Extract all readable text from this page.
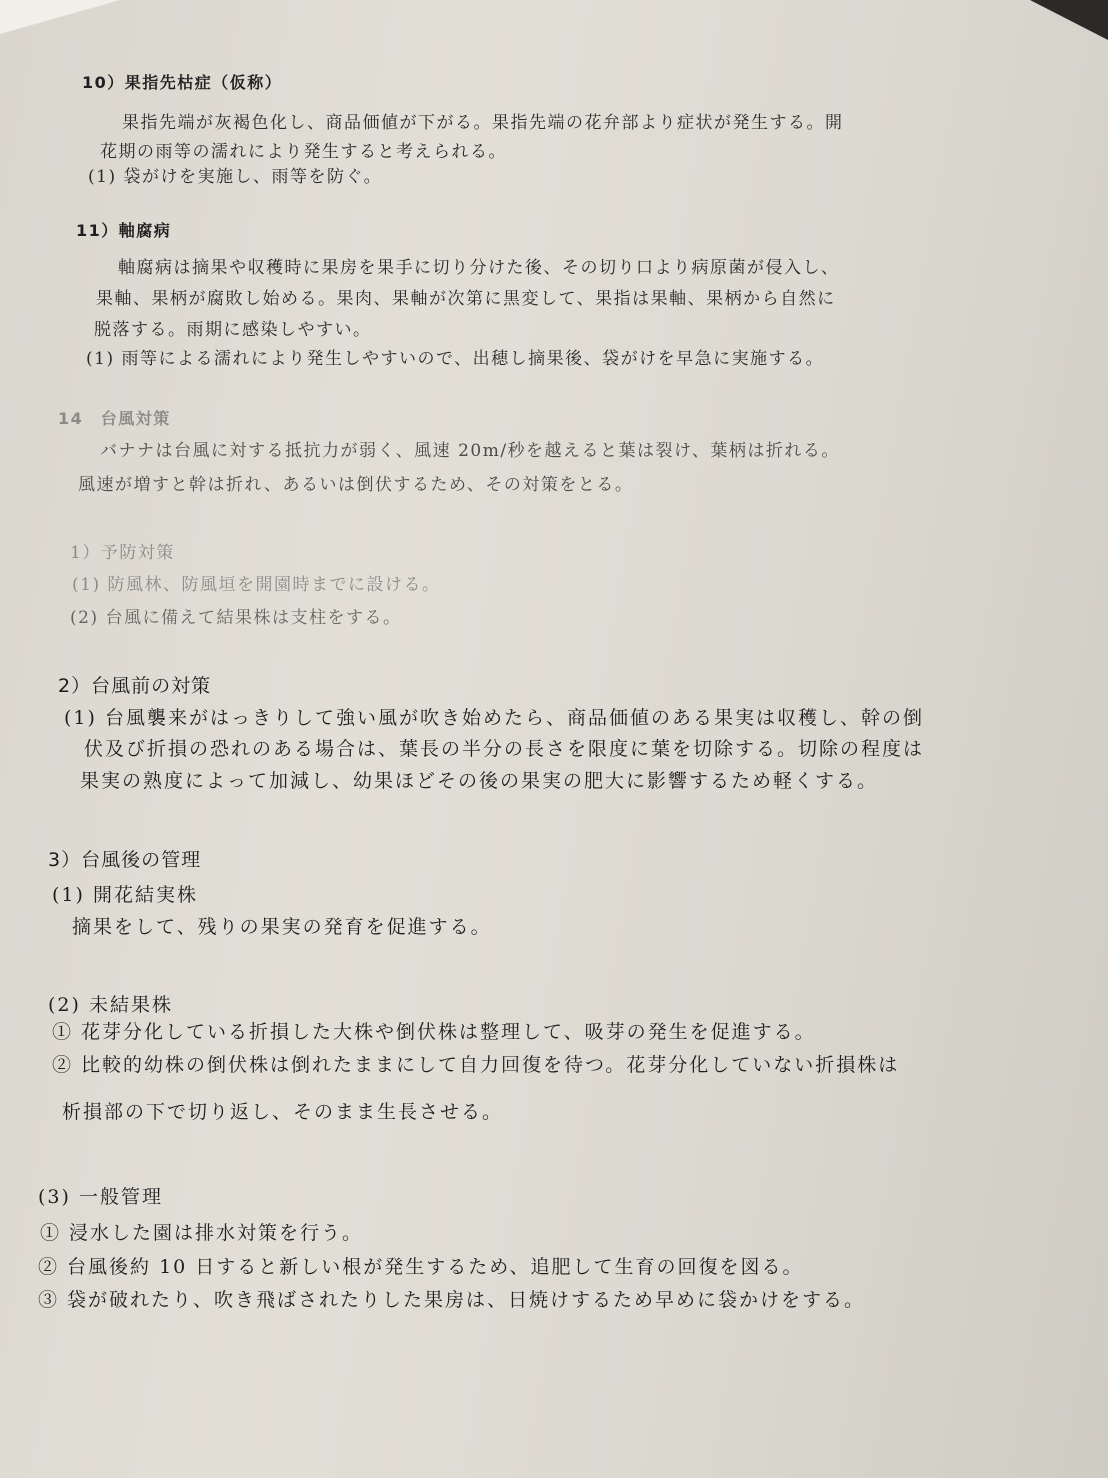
10）果指先枯症（仮称）
果指先端が灰褐色化し、商品価値が下がる。果指先端の花弁部より症状が発生する。開
花期の雨等の濡れにより発生すると考えられる。
(1) 袋がけを実施し、雨等を防ぐ。
11）軸腐病
軸腐病は摘果や収穫時に果房を果手に切り分けた後、その切り口より病原菌が侵入し、
果軸、果柄が腐敗し始める。果肉、果軸が次第に黒変して、果指は果軸、果柄から自然に
脱落する。雨期に感染しやすい。
(1) 雨等による濡れにより発生しやすいので、出穂し摘果後、袋がけを早急に実施する。
14　台風対策
バナナは台風に対する抵抗力が弱く、風速 20m/秒を越えると葉は裂け、葉柄は折れる。
風速が増すと幹は折れ、あるいは倒伏するため、その対策をとる。
1）予防対策
(1) 防風林、防風垣を開園時までに設ける。
(2) 台風に備えて結果株は支柱をする。
2）台風前の対策
(1) 台風襲来がはっきりして強い風が吹き始めたら、商品価値のある果実は収穫し、幹の倒
伏及び折損の恐れのある場合は、葉長の半分の長さを限度に葉を切除する。切除の程度は
果実の熟度によって加減し、幼果ほどその後の果実の肥大に影響するため軽くする。
3）台風後の管理
(1) 開花結実株
摘果をして、残りの果実の発育を促進する。
(2) 未結果株
① 花芽分化している折損した大株や倒伏株は整理して、吸芽の発生を促進する。
② 比較的幼株の倒伏株は倒れたままにして自力回復を待つ。花芽分化していない折損株は
析損部の下で切り返し、そのまま生長させる。
(3) 一般管理
① 浸水した園は排水対策を行う。
② 台風後約 10 日すると新しい根が発生するため、追肥して生育の回復を図る。
③ 袋が破れたり、吹き飛ばされたりした果房は、日焼けするため早めに袋かけをする。
